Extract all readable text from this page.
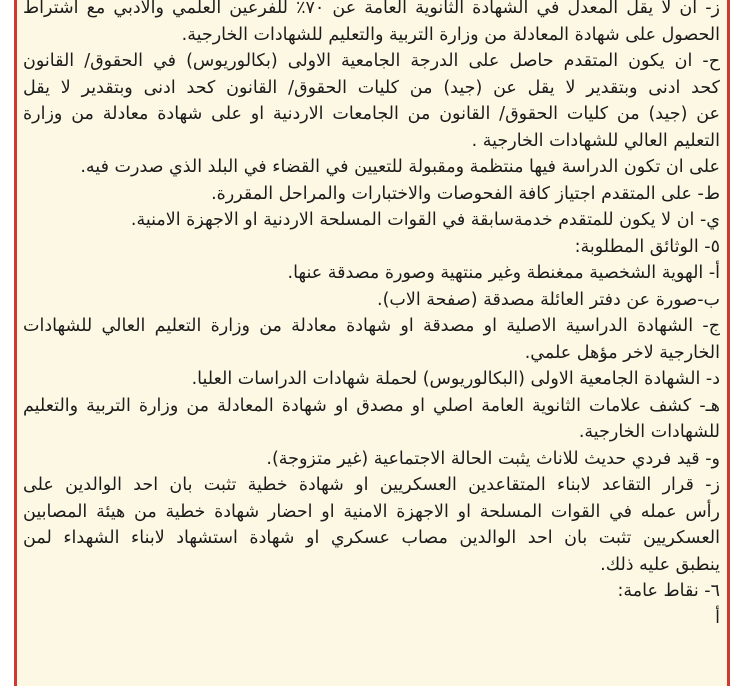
ز- ان لا يقل المعدل في الشهادة الثانوية العامة عن ٧٠٪ للفرعين العلمي والادبي مع اشتراط
الحصول على شهادة المعادلة من وزارة التربية والتعليم للشهادات الخارجية.
ح- ان يكون المتقدم حاصل على الدرجة الجامعية الاولى (بكالوريوس) في الحقوق/ القانون
كحد ادنى وبتقدير لا يقل عن (جيد) من كليات الحقوق/ القانون كحد ادنى وبتقدير لا يقل
عن (جيد) من كليات الحقوق/ القانون من الجامعات الاردنية او على شهادة معادلة من وزارة
التعليم العالي للشهادات الخارجية .
على ان تكون الدراسة فيها منتظمة ومقبولة للتعيين في القضاء في البلد الذي صدرت فيه.
ط- على المتقدم اجتياز كافة الفحوصات والاختبارات والمراحل المقررة.
ي- ان لا يكون للمتقدم خدمةسابقة في القوات المسلحة الاردنية او الاجهزة الامنية.
٥- الوثائق المطلوبة:
أ- الهوية الشخصية ممغنطة وغير منتهية وصورة مصدقة عنها.
ب-صورة عن دفتر العائلة مصدقة (صفحة الاب).
ج- الشهادة الدراسية الاصلية او مصدقة او شهادة معادلة من وزارة التعليم العالي للشهادات
الخارجية لاخر مؤهل علمي.
د- الشهادة الجامعية الاولى (البكالوريوس) لحملة شهادات الدراسات العليا.
هـ- كشف علامات الثانوية العامة اصلي او مصدق او شهادة المعادلة من وزارة التربية والتعليم
للشهادات الخارجية.
و- قيد فردي حديث للاناث يثبت الحالة الاجتماعية (غير متزوجة).
ز- قرار التقاعد لابناء المتقاعدين العسكريين او شهادة خطية تثبت بان احد الوالدين على
رأس عمله في القوات المسلحة او الاجهزة الامنية او احضار شهادة خطية من هيئة المصابين
العسكريين تثبت بان احد الوالدين مصاب عسكري او شهادة استشهاد لابناء الشهداء لمن
ينطبق عليه ذلك.
٦- نقاط عامة:
أ
